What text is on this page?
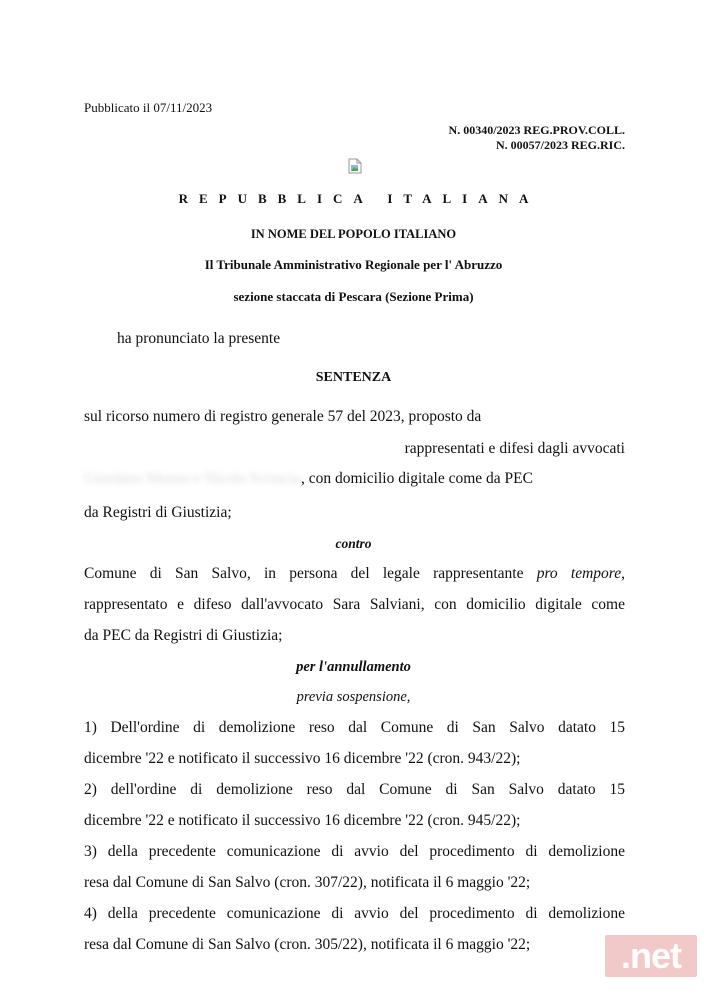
Pubblicato il 07/11/2023
N. 00340/2023 REG.PROV.COLL.
N. 00057/2023 REG.RIC.
REPUBBLICA ITALIANA
IN NOME DEL POPOLO ITALIANO
Il Tribunale Amministrativo Regionale per l' Abruzzo
sezione staccata di Pescara (Sezione Prima)
ha pronunciato la presente
SENTENZA
sul ricorso numero di registro generale 57 del 2023, proposto da
rappresentati e difesi dagli avvocati
Giordano Menna e Nicola Scioscia, con domicilio digitale come da PEC
da Registri di Giustizia;
contro
Comune di San Salvo, in persona del legale rappresentante pro tempore,
rappresentato e difeso dall'avvocato Sara Salviani, con domicilio digitale come
da PEC da Registri di Giustizia;
per l'annullamento
previa sospensione,
1) Dell'ordine di demolizione reso dal Comune di San Salvo datato 15
dicembre '22 e notificato il successivo 16 dicembre '22 (cron. 943/22);
2) dell'ordine di demolizione reso dal Comune di San Salvo datato 15
dicembre '22 e notificato il successivo 16 dicembre '22 (cron. 945/22);
3) della precedente comunicazione di avvio del procedimento di demolizione
resa dal Comune di San Salvo (cron. 307/22), notificata il 6 maggio '22;
4) della precedente comunicazione di avvio del procedimento di demolizione
resa dal Comune di San Salvo (cron. 305/22), notificata il 6 maggio '22;	.net
